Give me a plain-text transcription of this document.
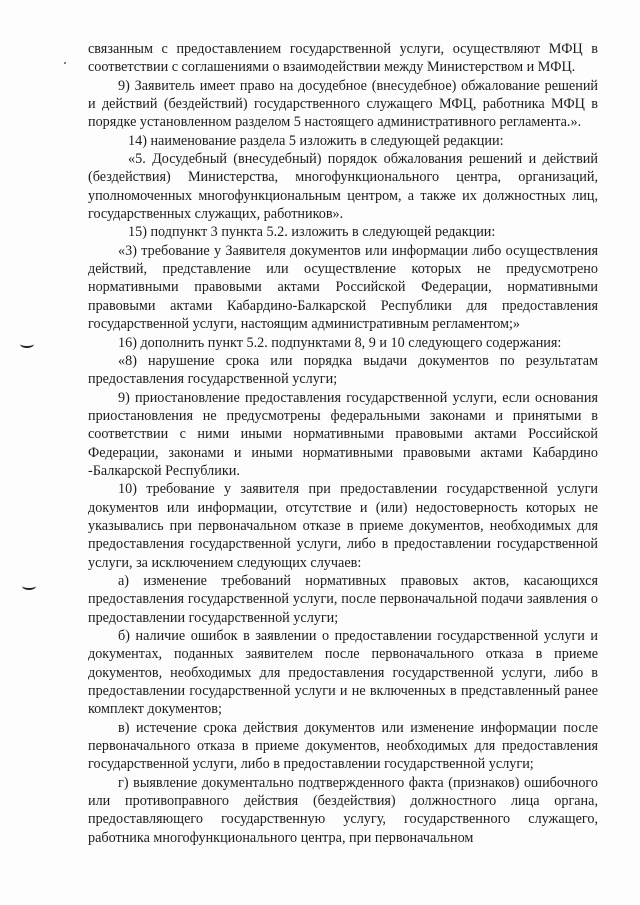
связанным с предоставлением государственной услуги, осуществляют МФЦ в соответствии с соглашениями о взаимодействии между Министерством и МФЦ.

9) Заявитель имеет право на досудебное (внесудебное) обжалование решений и действий (бездействий) государственного служащего МФЦ, работника МФЦ в порядке установленном разделом 5 настоящего административного регламента.».

14) наименование раздела 5 изложить в следующей редакции:

«5. Досудебный (внесудебный) порядок обжалования решений и действий (бездействия) Министерства, многофункционального центра, организаций, уполномоченных многофункциональным центром, а также их должностных лиц, государственных служащих, работников».

15) подпункт 3 пункта 5.2. изложить в следующей редакции:

«3) требование у Заявителя документов или информации либо осуществления действий, представление или осуществление которых не предусмотрено нормативными правовыми актами Российской Федерации, нормативными правовыми актами Кабардино-Балкарской Республики для предоставления государственной услуги, настоящим административным регламентом;»

16) дополнить пункт 5.2. подпунктами 8, 9 и 10 следующего содержания:

«8) нарушение срока или порядка выдачи документов по результатам предоставления государственной услуги;

9) приостановление предоставления государственной услуги, если основания приостановления не предусмотрены федеральными законами и принятыми в соответствии с ними иными нормативными правовыми актами Российской Федерации, законами и иными нормативными правовыми актами Кабардино -Балкарской Республики.

10) требование у заявителя при предоставлении государственной услуги документов или информации, отсутствие и (или) недостоверность которых не указывались при первоначальном отказе в приеме документов, необходимых для предоставления государственной услуги, либо в предоставлении государственной услуги, за исключением следующих случаев:

а) изменение требований нормативных правовых актов, касающихся предоставления государственной услуги, после первоначальной подачи заявления о предоставлении государственной услуги;

б) наличие ошибок в заявлении о предоставлении государственной услуги и документах, поданных заявителем после первоначального отказа в приеме документов, необходимых для предоставления государственной услуги, либо в предоставлении государственной услуги и не включенных в представленный ранее комплект документов;

в) истечение срока действия документов или изменение информации после первоначального отказа в приеме документов, необходимых для предоставления государственной услуги, либо в предоставлении государственной услуги;

г) выявление документально подтвержденного факта (признаков) ошибочного или противоправного действия (бездействия) должностного лица органа, предоставляющего государственную услугу, государственного служащего, работника многофункционального центра, при первоначальном
